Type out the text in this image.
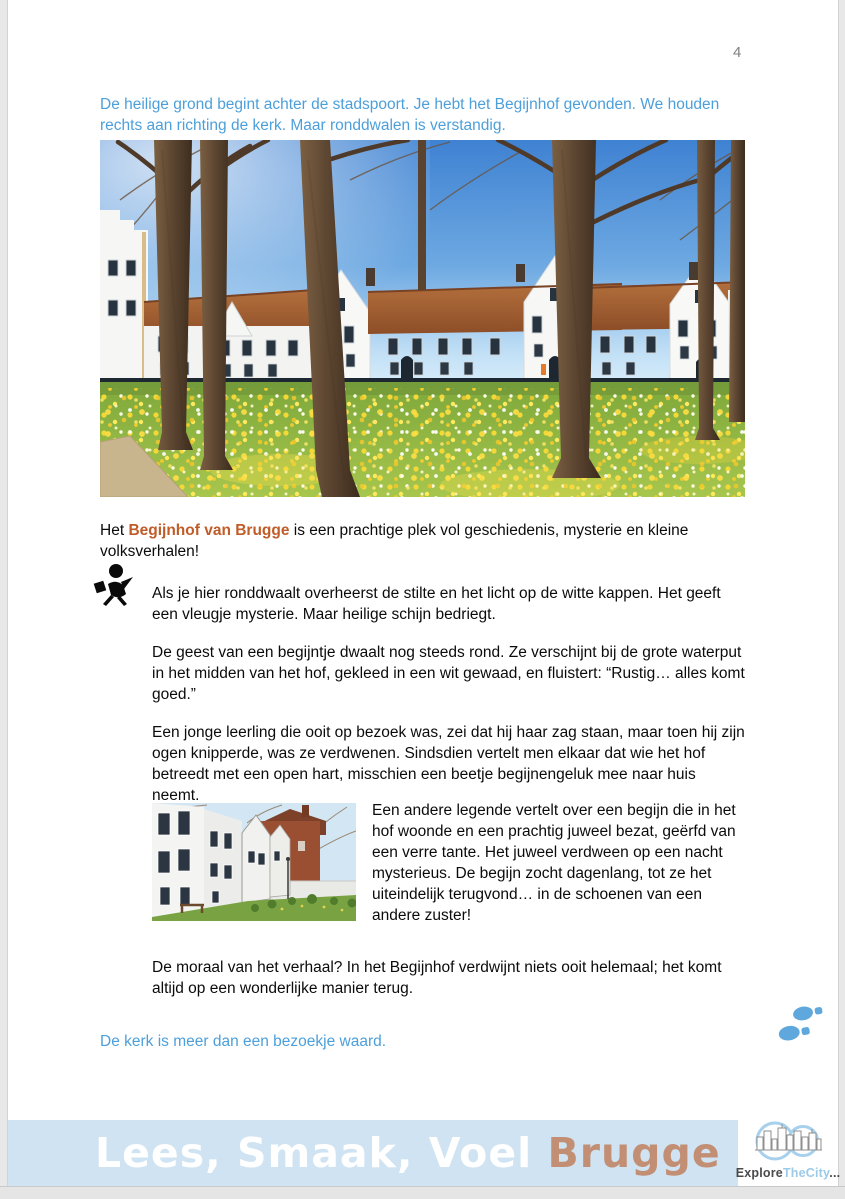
4

De heilige grond begint achter de stadspoort. Je hebt het Begijnhof gevonden. We houden rechts aan richting de kerk. Maar ronddwalen is verstandig.

Het Begijnhof van Brugge is een prachtige plek vol geschiedenis, mysterie en kleine volksverhalen!

Als je hier ronddwaalt overheerst de stilte en het licht op de witte kappen. Het geeft een vleugje mysterie. Maar heilige schijn bedriegt.

De geest van een begijntje dwaalt nog steeds rond. Ze verschijnt bij de grote waterput in het midden van het hof, gekleed in een wit gewaad, en fluistert: “Rustig… alles komt goed.”

Een jonge leerling die ooit op bezoek was, zei dat hij haar zag staan, maar toen hij zijn ogen knipperde, was ze verdwenen. Sindsdien vertelt men elkaar dat wie het hof betreedt met een open hart, misschien een beetje begijnengeluk mee naar huis neemt.

Een andere legende vertelt over een begijn die in het hof woonde en een prachtig juweel bezat, geërfd van een verre tante. Het juweel verdween op een nacht mysterieus. De begijn zocht dagenlang, tot ze het uiteindelijk terugvond… in de schoenen van een andere zuster!

De moraal van het verhaal? In het Begijnhof verdwijnt niets ooit helemaal; het komt altijd op een wonderlijke manier terug.

De kerk is meer dan een bezoekje waard.

Lees, Smaak, Voel Brugge	ExploreTheCity...
